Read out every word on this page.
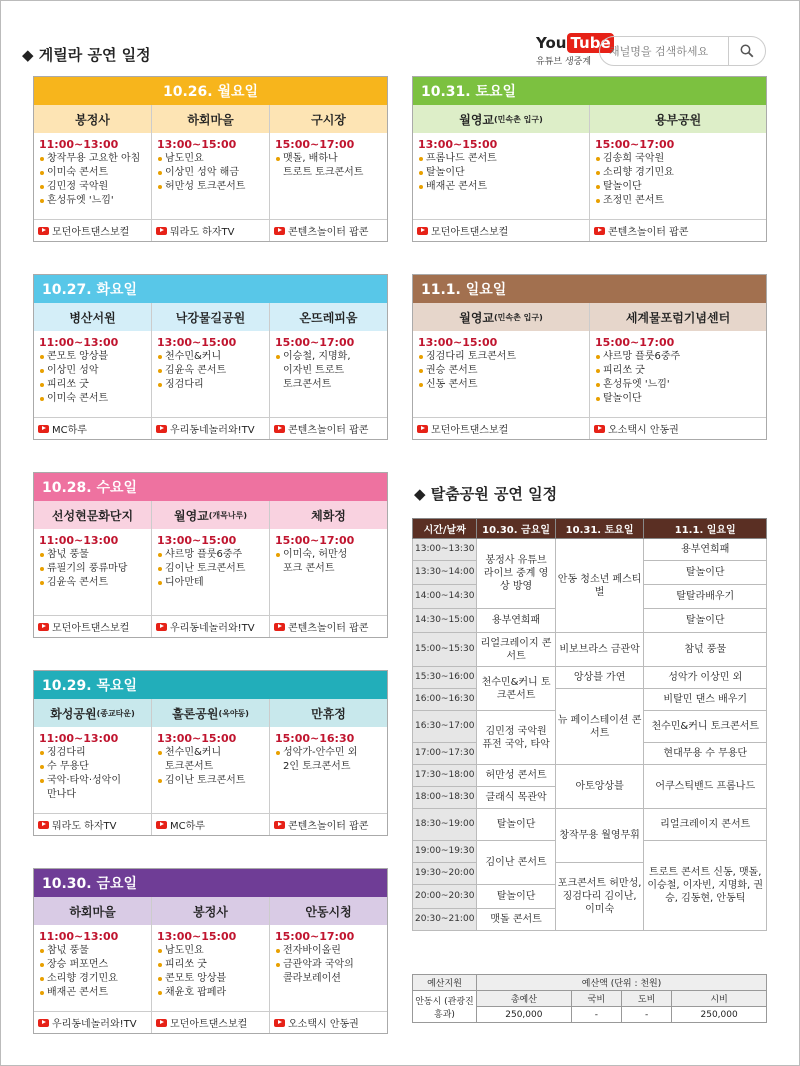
◆ 게릴라 공연 일정
You Tube
유튜브 생중계
채널명을 검색하세요
10.26. 월요일
봉정사
11:00~13:00
창작무용 고요한 아침
이미숙 콘서트
김민정 국악원
흔성듀엣 '느낌'
모던아트댄스보컬
하회마을
13:00~15:00
남도민요
이상민 성악 해금
허만성 토크콘서트
뭐라도 하자TV
구시장
15:00~17:00
맷돌, 배하나
트로트 토크콘서트
콘텐츠놀이터 팝콘
10.27. 화요일
병산서원
11:00~13:00
콘모토 앙상블
이상민 성악
피리쏘 굿
이미숙 콘서트
MC하루
낙강물길공원
13:00~15:00
천수민&커니
김윤옥 콘서트
징검다리
우리동네놀러와!TV
온뜨레피움
15:00~17:00
이승철, 지명화,
이자빈 트로트
토크콘서트
콘텐츠놀이터 팝콘
10.28. 수요일
선성현문화단지
11:00~13:00
참넋 풍물
류필기의 풍류마당
김윤옥 콘서트
모던아트댄스보컬
월영교 (개목나루)
13:00~15:00
샤르망 플룻6중주
김이난 토크콘서트
디아만테
우리동네놀러와!TV
체화정
15:00~17:00
이미숙, 허만성
포크 콘서트
콘텐츠놀이터 팝콘
10.29. 목요일
화성공원 (종교타운)
11:00~13:00
징검다리
수 무용단
국악·타악·성악이
만나다
뭐라도 하자TV
훌론공원 (옥야동)
13:00~15:00
천수민&커니
토크콘서트
김이난 토크콘서트
MC하루
만휴정
15:00~16:30
성악가-안수민 외
2인 토크콘서트
콘텐츠놀이터 팝콘
10.30. 금요일
하회마을
11:00~13:00
참넋 풍물
장승 퍼포먼스
소리향 경기민요
배재곤 콘서트
우리동네놀러와!TV
봉정사
13:00~15:00
남도민요
피리쏘 굿
콘모토 앙상블
채윤호 팝페라
모던아트댄스보컬
안동시청
15:00~17:00
전자바이올린
금관악과 국악의
콜라보레이션
오소택시 안동권
10.31. 토요일
월영교 (민속촌 입구)
13:00~15:00
프롬나드 콘서트
탈놀이단
배재곤 콘서트
모던아트댄스보컬
용부공원
15:00~17:00
김송희 국악원
소리향 경기민요
탈놀이단
조정민 콘서트
콘텐츠놀이터 팝콘
11.1. 일요일
월영교 (민속촌 입구)
13:00~15:00
징검다리 토크콘서트
권승 콘서트
신동 콘서트
모던아트댄스보컬
세계물포럼기념센터
15:00~17:00
샤르망 플룻6중주
피리쏘 굿
흔성듀엣 '느낌'
탈놀이단
오소택시 안동권
◆ 탈춤공원 공연 일정
시간/날짜	10.30. 금요일	10.31. 토요일	11.1. 일요일
13:00~13:30	봉정사 유튜브 라이브 중계 영상 방영	안동 청소년 페스티벌	용부연희패
13:30~14:00			탈놀이단
14:00~14:30			탈탈라배우기
14:30~15:00	용부연희패		탈놀이단
15:00~15:30	리얼크레이지 콘서트	비보브라스 금관악	참넋 풍물
15:30~16:00	천수민&커니 토크콘서트	앙상블 가연	성악가 이상민 외
16:00~16:30		뉴 페이스테이션 콘서트	비탈민 댄스 배우기
16:30~17:00	김민정 국악원 퓨전 국악, 타악		천수민&커니 토크콘서트
17:00~17:30			현대무용 수 무용단
17:30~18:00	허만성 콘서트	아토앙상블	어쿠스틱밴드 프롬나드
18:00~18:30	클래식 목관악		
18:30~19:00	탈놀이단	창작무용 월영무휘	리얼크레이지 콘서트
19:00~19:30	김이난 콘서트		트로트 콘서트 신동, 맷돌, 이승철, 이자빈, 지명화, 권승, 김동현, 안동틱
19:30~20:00		포크콘서트 허만성, 징검다리 김이난, 이미숙	
20:00~20:30	탈놀이단		
20:30~21:00	맷돌 콘서트		
예산지원	예산액 (단위 : 천원)			
안동시 (관광진흥과)	총예산	국비	도비	시비
	250,000	-	-	250,000
